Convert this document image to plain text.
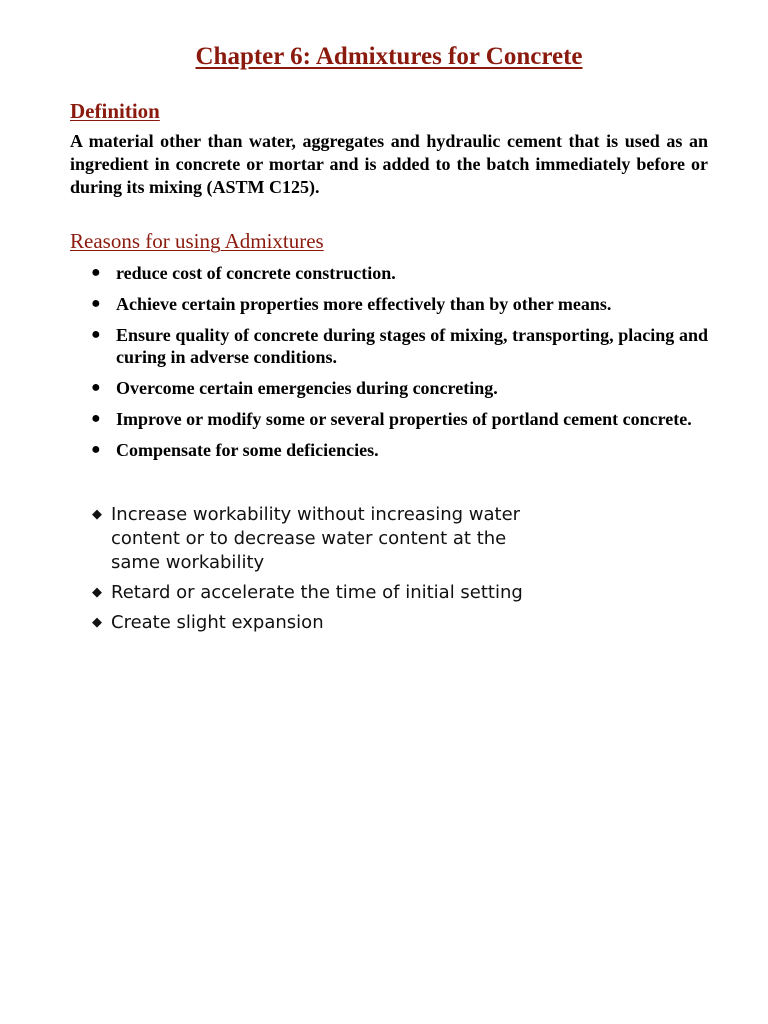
Chapter 6: Admixtures for Concrete
Definition

A material other than water, aggregates and hydraulic cement that is used as an ingredient in concrete or mortar and is added to the batch immediately before or during its mixing (ASTM C125).

Reasons for using Admixtures
● reduce cost of concrete construction.
● Achieve certain properties more effectively than by other means.
● Ensure quality of concrete during stages of mixing, transporting, placing and curing in adverse conditions.
● Overcome certain emergencies during concreting.
● Improve or modify some or several properties of portland cement concrete.
● Compensate for some deficiencies.
◆ Increase workability without increasing water content or to decrease water content at the same workability
◆ Retard or accelerate the time of initial setting
◆ Create slight expansion
